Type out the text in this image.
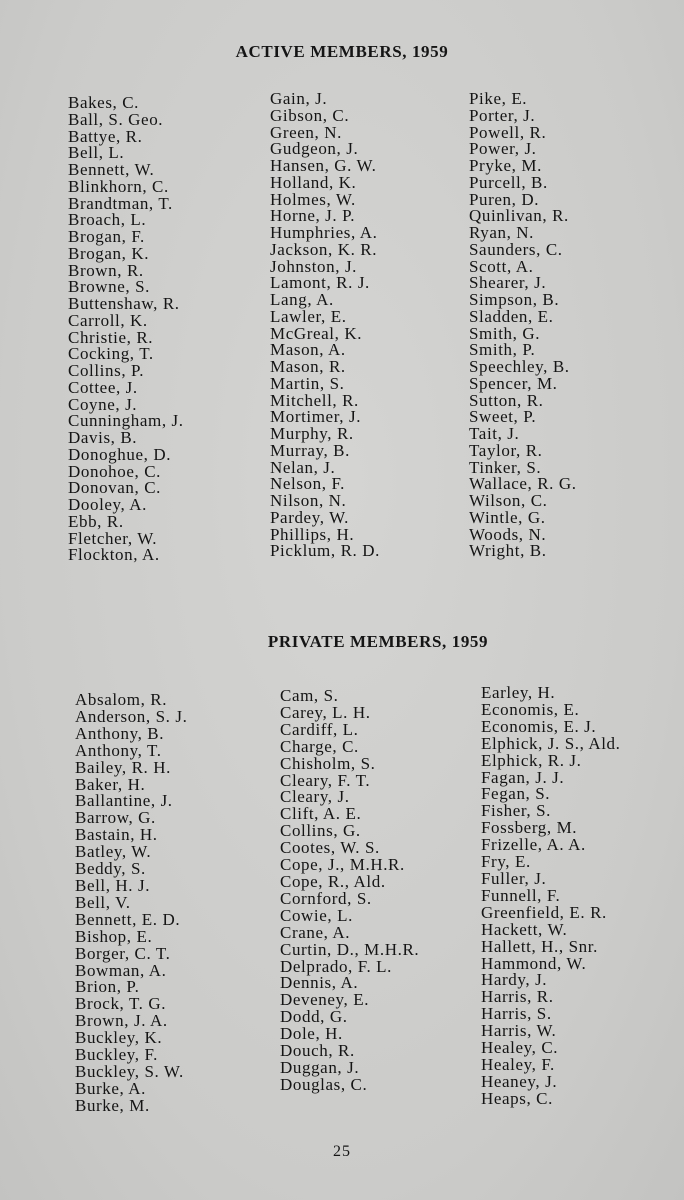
ACTIVE MEMBERS, 1959
Bakes, C.
Ball, S. Geo.
Battye, R.
Bell, L.
Bennett, W.
Blinkhorn, C.
Brandtman, T.
Broach, L.
Brogan, F.
Brogan, K.
Brown, R.
Browne, S.
Buttenshaw, R.
Carroll, K.
Christie, R.
Cocking, T.
Collins, P.
Cottee, J.
Coyne, J.
Cunningham, J.
Davis, B.
Donoghue, D.
Donohoe, C.
Donovan, C.
Dooley, A.
Ebb, R.
Fletcher, W.
Flockton, A.
Gain, J.
Gibson, C.
Green, N.
Gudgeon, J.
Hansen, G. W.
Holland, K.
Holmes, W.
Horne, J. P.
Humphries, A.
Jackson, K. R.
Johnston, J.
Lamont, R. J.
Lang, A.
Lawler, E.
McGreal, K.
Mason, A.
Mason, R.
Martin, S.
Mitchell, R.
Mortimer, J.
Murphy, R.
Murray, B.
Nelan, J.
Nelson, F.
Nilson, N.
Pardey, W.
Phillips, H.
Picklum, R. D.
Pike, E.
Porter, J.
Powell, R.
Power, J.
Pryke, M.
Purcell, B.
Puren, D.
Quinlivan, R.
Ryan, N.
Saunders, C.
Scott, A.
Shearer, J.
Simpson, B.
Sladden, E.
Smith, G.
Smith, P.
Speechley, B.
Spencer, M.
Sutton, R.
Sweet, P.
Tait, J.
Taylor, R.
Tinker, S.
Wallace, R. G.
Wilson, C.
Wintle, G.
Woods, N.
Wright, B.
PRIVATE MEMBERS, 1959
Absalom, R.
Anderson, S. J.
Anthony, B.
Anthony, T.
Bailey, R. H.
Baker, H.
Ballantine, J.
Barrow, G.
Bastain, H.
Batley, W.
Beddy, S.
Bell, H. J.
Bell, V.
Bennett, E. D.
Bishop, E.
Borger, C. T.
Bowman, A.
Brion, P.
Brock, T. G.
Brown, J. A.
Buckley, K.
Buckley, F.
Buckley, S. W.
Burke, A.
Burke, M.
Cam, S.
Carey, L. H.
Cardiff, L.
Charge, C.
Chisholm, S.
Cleary, F. T.
Cleary, J.
Clift, A. E.
Collins, G.
Cootes, W. S.
Cope, J., M.H.R.
Cope, R., Ald.
Cornford, S.
Cowie, L.
Crane, A.
Curtin, D., M.H.R.
Delprado, F. L.
Dennis, A.
Deveney, E.
Dodd, G.
Dole, H.
Douch, R.
Duggan, J.
Douglas, C.
Earley, H.
Economis, E.
Economis, E. J.
Elphick, J. S., Ald.
Elphick, R. J.
Fagan, J. J.
Fegan, S.
Fisher, S.
Fossberg, M.
Frizelle, A. A.
Fry, E.
Fuller, J.
Funnell, F.
Greenfield, E. R.
Hackett, W.
Hallett, H., Snr.
Hammond, W.
Hardy, J.
Harris, R.
Harris, S.
Harris, W.
Healey, C.
Healey, F.
Heaney, J.
Heaps, C.
25
